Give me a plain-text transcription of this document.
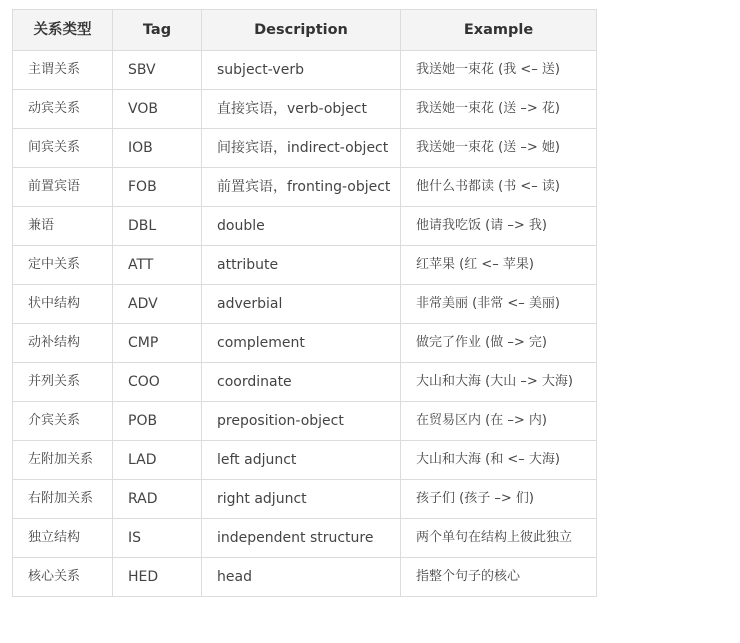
关系类型	Tag	Description	Example
主谓关系	SBV	subject-verb	我送她一束花 (我 <– 送)
动宾关系	VOB	直接宾语，verb-object	我送她一束花 (送 –> 花)
间宾关系	IOB	间接宾语，indirect-object	我送她一束花 (送 –> 她)
前置宾语	FOB	前置宾语，fronting-object	他什么书都读 (书 <– 读)
兼语	DBL	double	他请我吃饭 (请 –> 我)
定中关系	ATT	attribute	红苹果 (红 <– 苹果)
状中结构	ADV	adverbial	非常美丽 (非常 <– 美丽)
动补结构	CMP	complement	做完了作业 (做 –> 完)
并列关系	COO	coordinate	大山和大海 (大山 –> 大海)
介宾关系	POB	preposition-object	在贸易区内 (在 –> 内)
左附加关系	LAD	left adjunct	大山和大海 (和 <– 大海)
右附加关系	RAD	right adjunct	孩子们 (孩子 –> 们)
独立结构	IS	independent structure	两个单句在结构上彼此独立
核心关系	HED	head	指整个句子的核心
